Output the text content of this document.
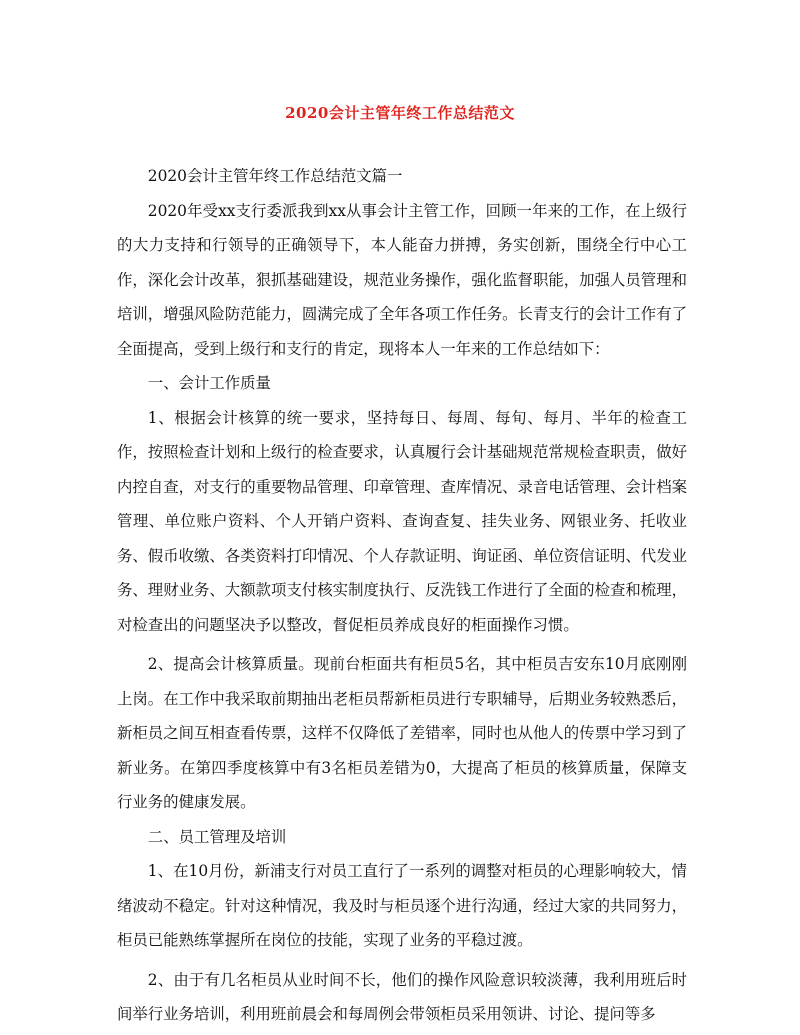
2020会计主管年终工作总结范文

2020会计主管年终工作总结范文篇一

2020年受xx支行委派我到xx从事会计主管工作，回顾一年来的工作，在上级行的大力支持和行领导的正确领导下，本人能奋力拼搏，务实创新，围绕全行中心工作，深化会计改革，狠抓基础建设，规范业务操作，强化监督职能，加强人员管理和培训，增强风险防范能力，圆满完成了全年各项工作任务。长青支行的会计工作有了全面提高，受到上级行和支行的肯定，现将本人一年来的工作总结如下：

一、会计工作质量

1、根据会计核算的统一要求，坚持每日、每周、每旬、每月、半年的检查工作，按照检查计划和上级行的检查要求，认真履行会计基础规范常规检查职责，做好内控自查，对支行的重要物品管理、印章管理、查库情况、录音电话管理、会计档案管理、单位账户资料、个人开销户资料、查询查复、挂失业务、网银业务、托收业务、假币收缴、各类资料打印情况、个人存款证明、询证函、单位资信证明、代发业务、理财业务、大额款项支付核实制度执行、反洗钱工作进行了全面的检查和梳理，对检查出的问题坚决予以整改，督促柜员养成良好的柜面操作习惯。

2、提高会计核算质量。现前台柜面共有柜员5名，其中柜员吉安东10月底刚刚上岗。在工作中我采取前期抽出老柜员帮新柜员进行专职辅导，后期业务较熟悉后，新柜员之间互相查看传票，这样不仅降低了差错率，同时也从他人的传票中学习到了新业务。在第四季度核算中有3名柜员差错为0，大提高了柜员的核算质量，保障支行业务的健康发展。

二、员工管理及培训

1、在10月份，新浦支行对员工直行了一系列的调整对柜员的心理影响较大，情绪波动不稳定。针对这种情况，我及时与柜员逐个进行沟通，经过大家的共同努力，柜员已能熟练掌握所在岗位的技能，实现了业务的平稳过渡。

2、由于有几名柜员从业时间不长，他们的操作风险意识较淡薄，我利用班后时间举行业务培训，利用班前晨会和每周例会带领柜员采用领讲、讨论、提问等多
